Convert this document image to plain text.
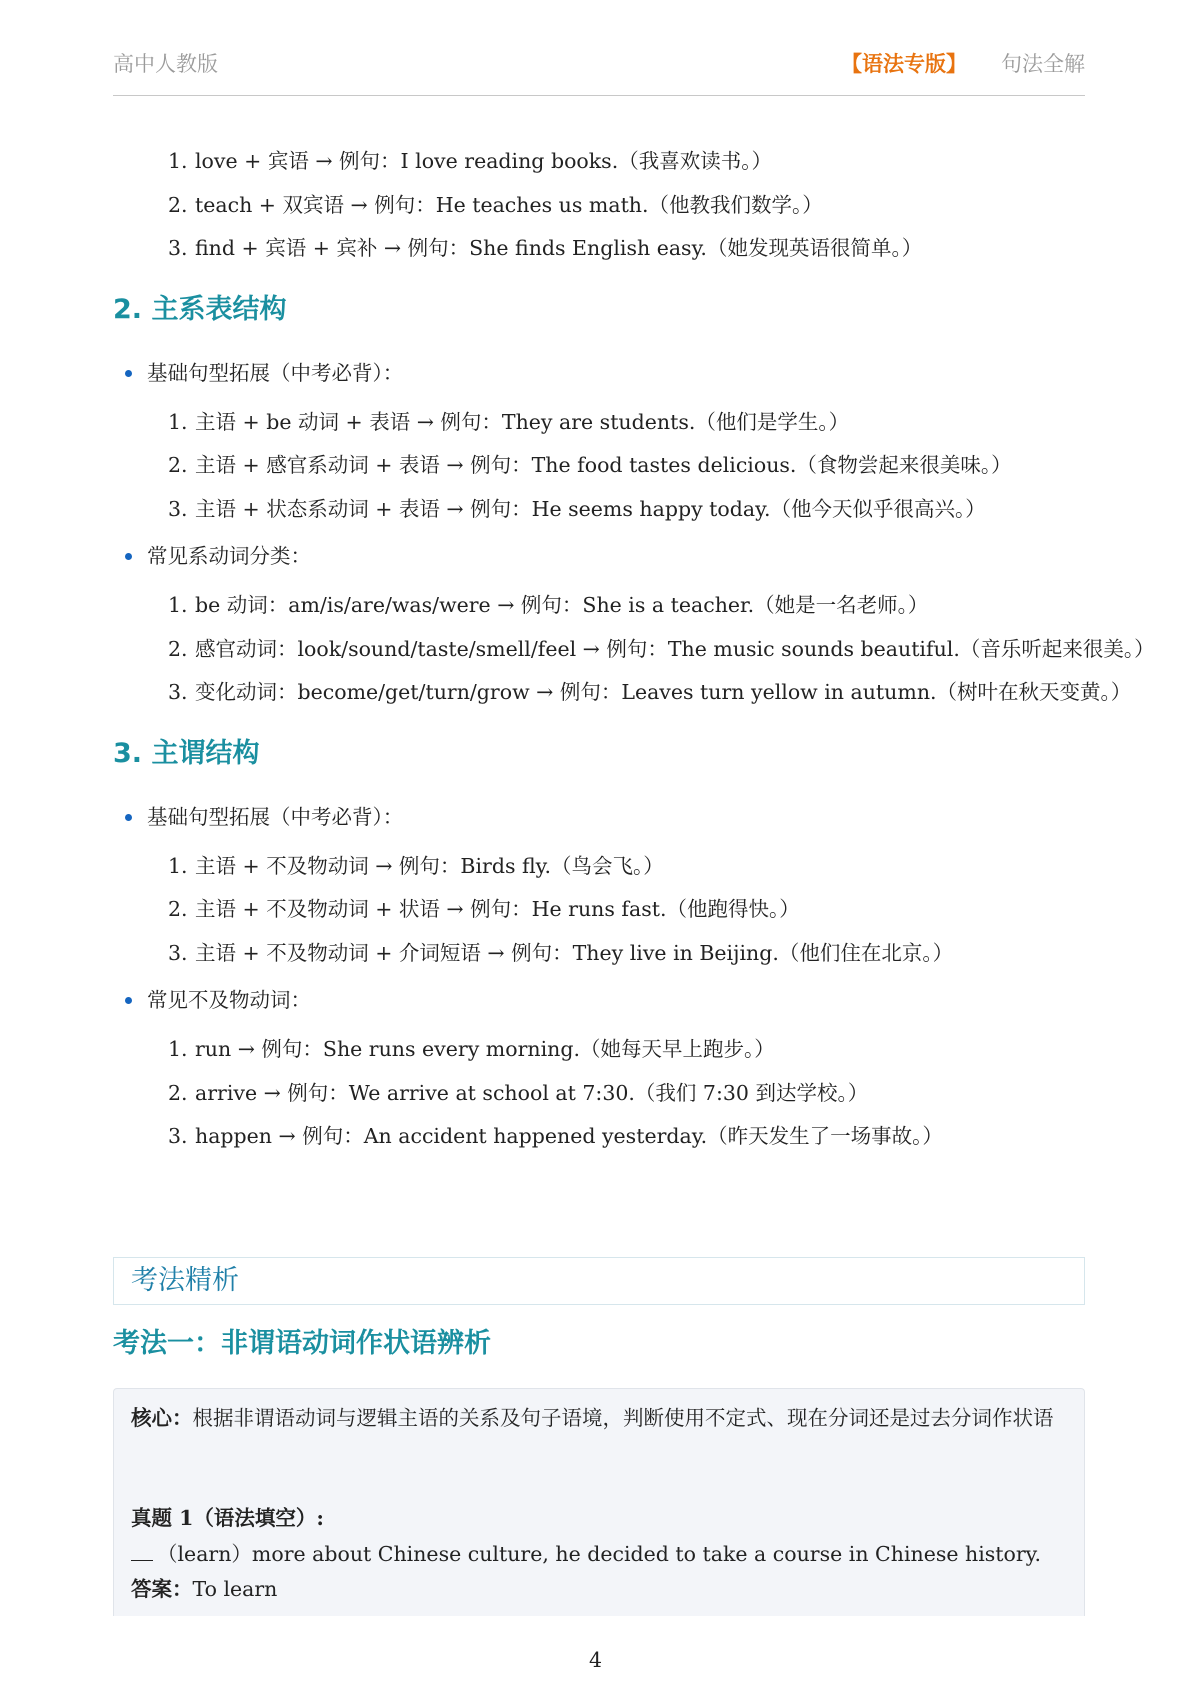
高中人教版	【语法专版】 句法全解
1. love + 宾语 → 例句：I love reading books.（我喜欢读书。）
2. teach + 双宾语 → 例句：He teaches us math.（他教我们数学。）
3. find + 宾语 + 宾补 → 例句：She finds English easy.（她发现英语很简单。）
2. 主系表结构
基础句型拓展（中考必背）：
1. 主语 + be 动词 + 表语 → 例句：They are students.（他们是学生。）
2. 主语 + 感官系动词 + 表语 → 例句：The food tastes delicious.（食物尝起来很美味。）
3. 主语 + 状态系动词 + 表语 → 例句：He seems happy today.（他今天似乎很高兴。）
常见系动词分类：
1. be 动词：am/is/are/was/were → 例句：She is a teacher.（她是一名老师。）
2. 感官动词：look/sound/taste/smell/feel → 例句：The music sounds beautiful.（音乐听起来很美。）
3. 变化动词：become/get/turn/grow → 例句：Leaves turn yellow in autumn.（树叶在秋天变黄。）
3. 主谓结构
基础句型拓展（中考必背）：
1. 主语 + 不及物动词 → 例句：Birds fly.（鸟会飞。）
2. 主语 + 不及物动词 + 状语 → 例句：He runs fast.（他跑得快。）
3. 主语 + 不及物动词 + 介词短语 → 例句：They live in Beijing.（他们住在北京。）
常见不及物动词：
1. run → 例句：She runs every morning.（她每天早上跑步。）
2. arrive → 例句：We arrive at school at 7:30.（我们 7:30 到达学校。）
3. happen → 例句：An accident happened yesterday.（昨天发生了一场事故。）
考法精析
考法一：非谓语动词作状语辨析
核心：根据非谓语动词与逻辑主语的关系及句子语境，判断使用不定式、现在分词还是过去分词作状语
真题 1（语法填空）:
（learn）more about Chinese culture, he decided to take a course in Chinese history.
答案：To learn
4
